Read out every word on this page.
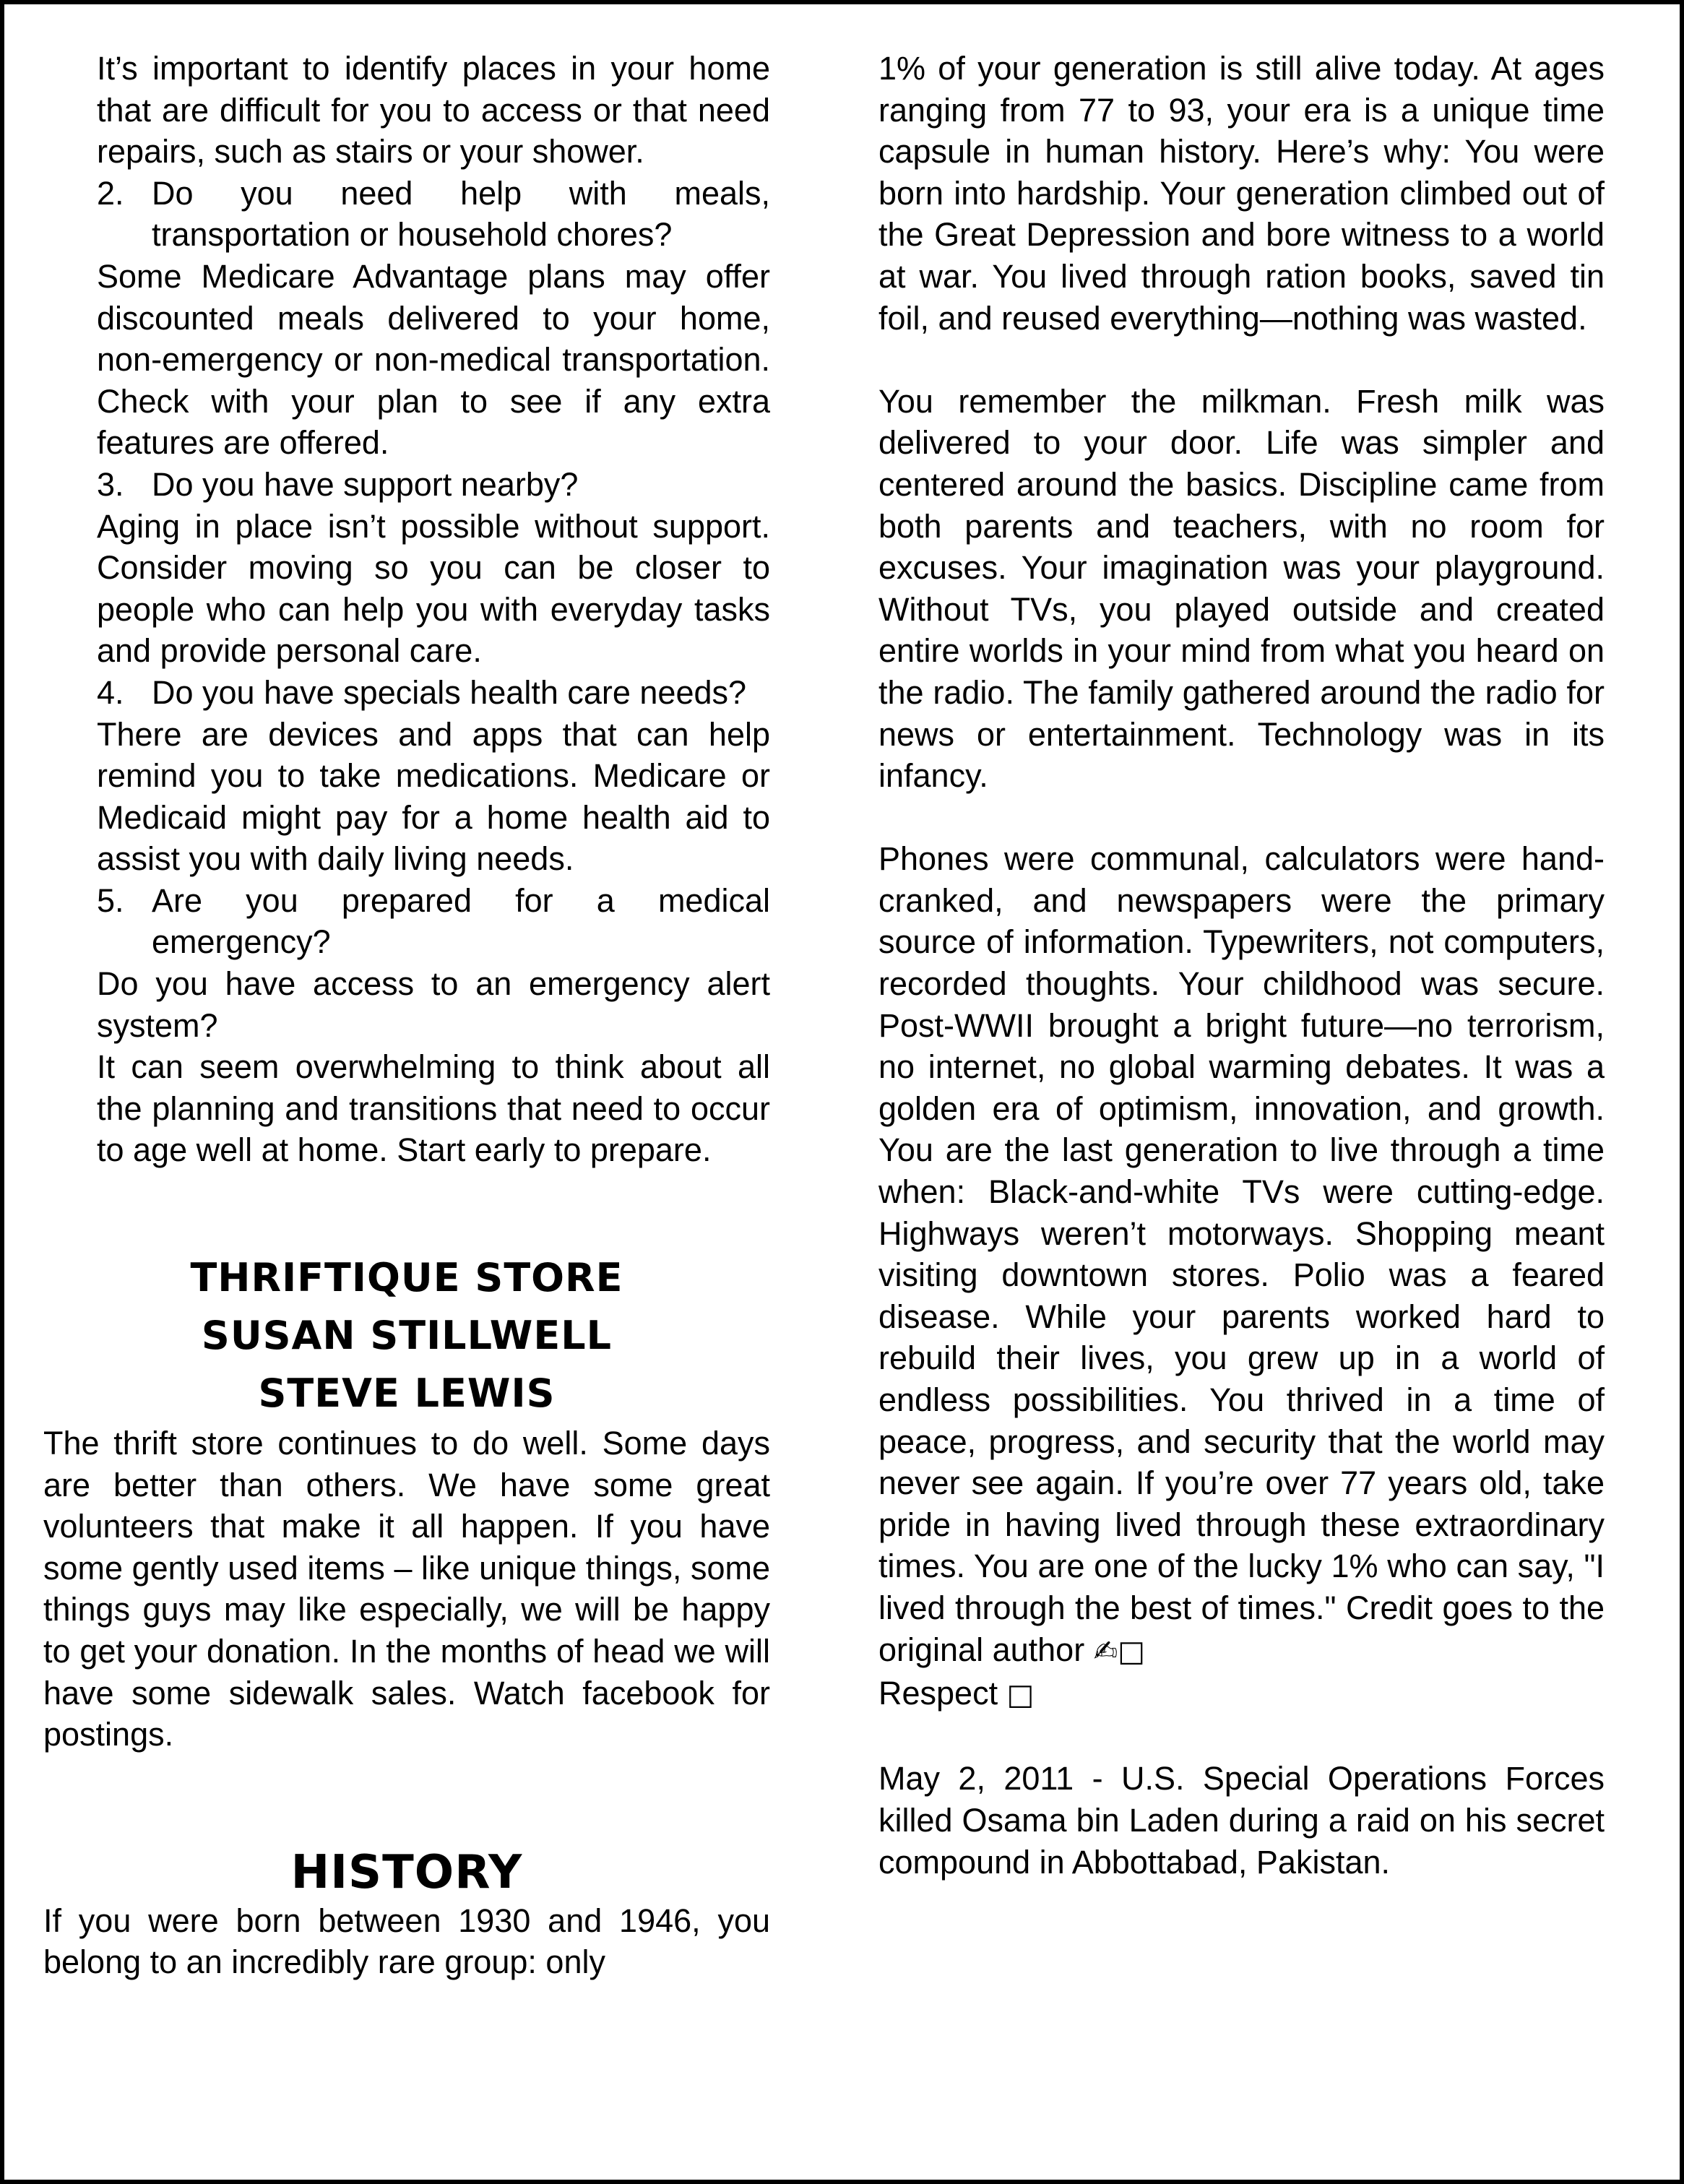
It’s important to identify places in your home that are difficult for you to access or that need repairs, such as stairs or your shower.

2. Do you need help with meals, transportation or household chores?

Some Medicare Advantage plans may offer discounted meals delivered to your home, non-emergency or non-medical transportation. Check with your plan to see if any extra features are offered.

3. Do you have support nearby?

Aging in place isn’t possible without support. Consider moving so you can be closer to people who can help you with everyday tasks and provide personal care.

4. Do you have specials health care needs?

There are devices and apps that can help remind you to take medications. Medicare or Medicaid might pay for a home health aid to assist you with daily living needs.

5. Are you prepared for a medical emergency?

Do you have access to an emergency alert system?

It can seem overwhelming to think about all the planning and transitions that need to occur to age well at home. Start early to prepare.

THRIFTIQUE STORE

SUSAN STILLWELL

STEVE LEWIS

The thrift store continues to do well. Some days are better than others. We have some great volunteers that make it all happen. If you have some gently used items – like unique things, some things guys may like especially, we will be happy to get your donation. In the months of head we will have some sidewalk sales. Watch facebook for postings.

HISTORY

If you were born between 1930 and 1946, you belong to an incredibly rare group: only

1% of your generation is still alive today. At ages ranging from 77 to 93, your era is a unique time capsule in human history. Here’s why: You were born into hardship. Your generation climbed out of the Great Depression and bore witness to a world at war. You lived through ration books, saved tin foil, and reused everything—nothing was wasted.

You remember the milkman. Fresh milk was delivered to your door. Life was simpler and centered around the basics. Discipline came from both parents and teachers, with no room for excuses. Your imagination was your playground. Without TVs, you played outside and created entire worlds in your mind from what you heard on the radio. The family gathered around the radio for news or entertainment. Technology was in its infancy.

Phones were communal, calculators were hand-cranked, and newspapers were the primary source of information. Typewriters, not computers, recorded thoughts. Your childhood was secure. Post-WWII brought a bright future—no terrorism, no internet, no global warming debates. It was a golden era of optimism, innovation, and growth. You are the last generation to live through a time when: Black-and-white TVs were cutting-edge. Highways weren’t motorways. Shopping meant visiting downtown stores. Polio was a feared disease. While your parents worked hard to rebuild their lives, you grew up in a world of endless possibilities. You thrived in a time of peace, progress, and security that the world may never see again. If you’re over 77 years old, take pride in having lived through these extraordinary times. You are one of the lucky 1% who can say, "I lived through the best of times." Credit goes to the original author ✍□

Respect □

May 2, 2011 - U.S. Special Operations Forces killed Osama bin Laden during a raid on his secret compound in Abbottabad, Pakistan.
